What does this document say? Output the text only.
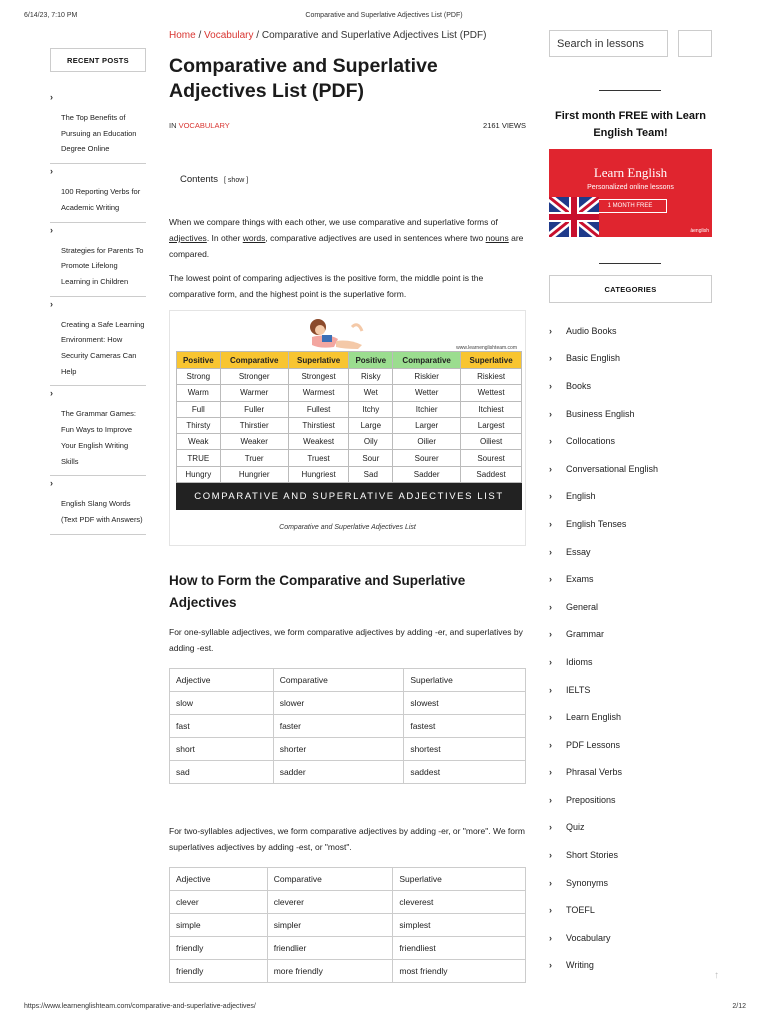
6/14/23, 7:10 PM	Comparative and Superlative Adjectives List (PDF)
https://www.learnenglishteam.com/comparative-and-superlative-adjectives/	2/12
RECENT POSTS
›
The Top Benefits of Pursuing an Education Degree Online
›
100 Reporting Verbs for Academic Writing
›
Strategies for Parents To Promote Lifelong Learning in Children
›
Creating a Safe Learning Environment: How Security Cameras Can Help
›
The Grammar Games: Fun Ways to Improve Your English Writing Skills
›
English Slang Words (Text PDF with Answers)
Home / Vocabulary / Comparative and Superlative Adjectives List (PDF)
Comparative and Superlative Adjectives List (PDF)
IN VOCABULARY	2161 VIEWS
Contents [ show ]

When we compare things with each other, we use comparative and superlative forms of adjectives. In other words, comparative adjectives are used in sentences where two nouns are compared.

The lowest point of comparing adjectives is the positive form, the middle point is the comparative form, and the highest point is the superlative form.

www.learnenglishteam.com
Positive	Comparative	Superlative	Positive	Comparative	Superlative
Strong	Stronger	Strongest	Risky	Riskier	Riskiest
Warm	Warmer	Warmest	Wet	Wetter	Wettest
Full	Fuller	Fullest	Itchy	Itchier	Itchiest
Thirsty	Thirstier	Thirstiest	Large	Larger	Largest
Weak	Weaker	Weakest	Oily	Oilier	Oiliest
TRUE	Truer	Truest	Sour	Sourer	Sourest
Hungry	Hungrier	Hungriest	Sad	Sadder	Saddest
COMPARATIVE AND SUPERLATIVE ADJECTIVES LIST
Comparative and Superlative Adjectives List
How to Form the Comparative and Superlative Adjectives

For one-syllable adjectives, we form comparative adjectives by adding -er, and superlatives by adding -est.

Adjective	Comparative	Superlative
slow	slower	slowest
fast	faster	fastest
short	shorter	shortest
sad	sadder	saddest

For two-syllables adjectives, we form comparative adjectives by adding -er, or "more". We form superlatives adjectives by adding -est, or "most".

Adjective	Comparative	Superlative
clever	cleverer	cleverest
simple	simpler	simplest
friendly	friendlier	friendliest
friendly	more friendly	most friendly
Search in lessons
First month FREE with Learn English Team!
Learn English
Personalized online lessons
1 MONTH FREE
àenglish
CATEGORIES
›	Audio Books
›	Basic English
›	Books
›	Business English
›	Collocations
›	Conversational English
›	English
›	English Tenses
›	Essay
›	Exams
›	General
›	Grammar
›	Idioms
›	IELTS
›	Learn English
›	PDF Lessons
›	Phrasal Verbs
›	Prepositions
›	Quiz
›	Short Stories
›	Synonyms
›	TOEFL
›	Vocabulary
›	Writing
↑
